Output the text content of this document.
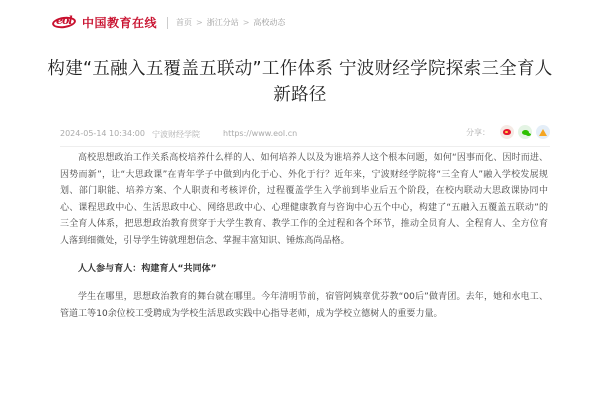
eol 中国教育在线 首页 > 浙江分站 > 高校动态
构建“五融入五覆盖五联动”工作体系 宁波财经学院探索三全育人新路径
2024-05-14 10:34:00 宁波财经学院	https://www.eol.cn	分享：

高校思想政治工作关系高校培养什么样的人、如何培养人以及为谁培养人这个根本问题，如何“因事而化、因时而进、因势而新”，让“大思政课”在青年学子中做到内化于心、外化于行？近年来，宁波财经学院将“三全育人”融入学校发展规划、部门职能、培养方案、个人职责和考核评价，过程覆盖学生入学前到毕业后五个阶段，在校内联动大思政课协同中心、课程思政中心、生活思政中心、网络思政中心、心理健康教育与咨询中心五个中心，构建了“五融入五覆盖五联动”的三全育人体系，把思想政治教育贯穿于大学生教育、教学工作的全过程和各个环节，推动全员育人、全程育人、全方位育人落到细微处，引导学生铸就理想信念、掌握丰富知识、锤炼高尚品格。

人人参与育人：构建育人“共同体”

学生在哪里，思想政治教育的舞台就在哪里。今年清明节前，宿管阿姨章优芬教“00后”做青团。去年，她和水电工、管道工等10余位校工受聘成为学校生活思政实践中心指导老师，成为学校立德树人的重要力量。
